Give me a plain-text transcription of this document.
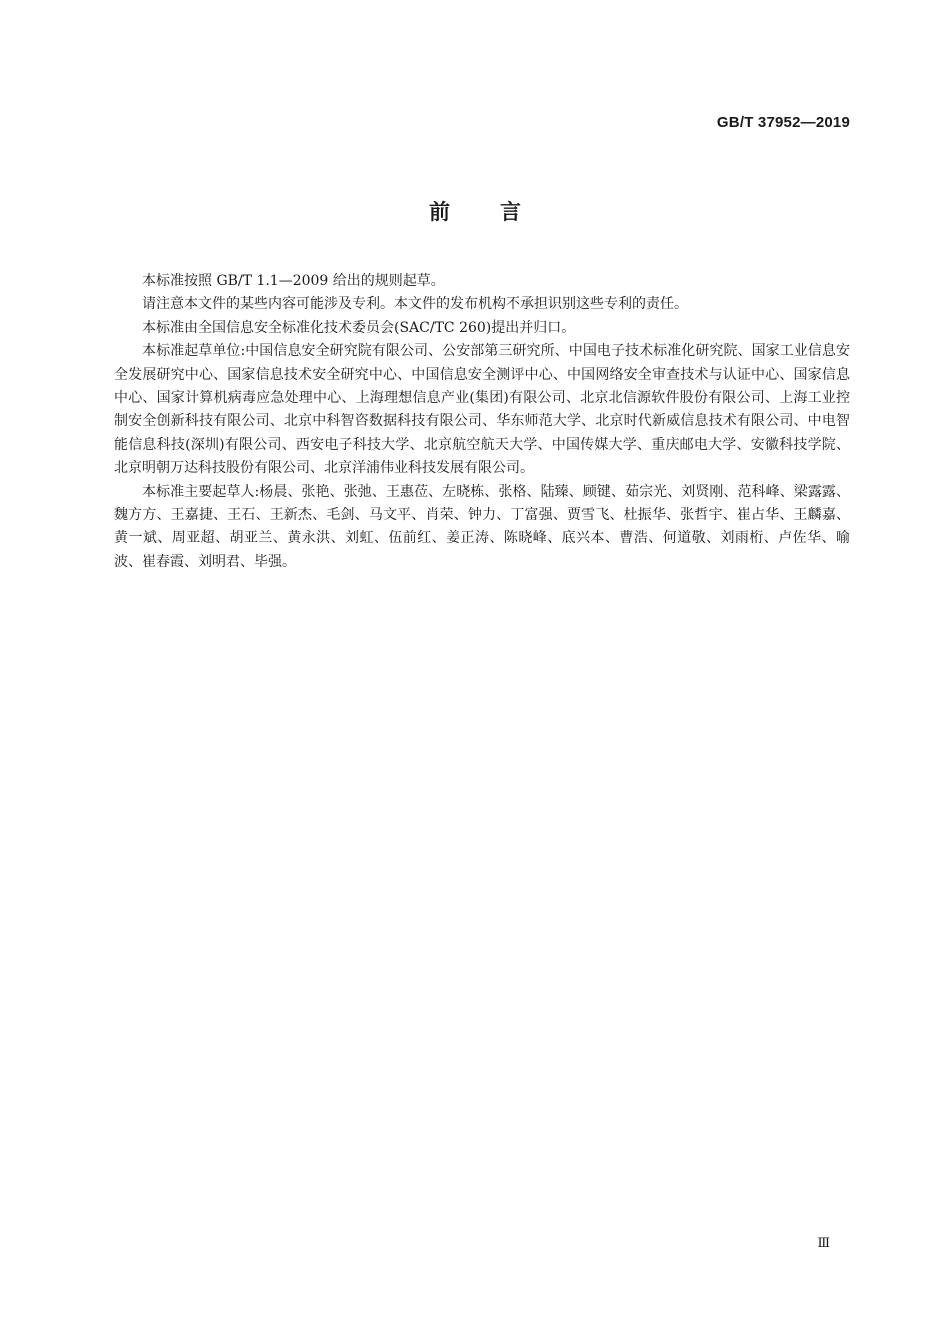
GB/T 37952—2019
前言

本标准按照 GB/T 1.1—2009 给出的规则起草。

请注意本文件的某些内容可能涉及专利。本文件的发布机构不承担识别这些专利的责任。

本标准由全国信息安全标准化技术委员会(SAC/TC 260)提出并归口。

本标准起草单位:中国信息安全研究院有限公司、公安部第三研究所、中国电子技术标准化研究院、国家工业信息安全发展研究中心、国家信息技术安全研究中心、中国信息安全测评中心、中国网络安全审查技术与认证中心、国家信息中心、国家计算机病毒应急处理中心、上海理想信息产业(集团)有限公司、北京北信源软件股份有限公司、上海工业控制安全创新科技有限公司、北京中科智咨数据科技有限公司、华东师范大学、北京时代新威信息技术有限公司、中电智能信息科技(深圳)有限公司、西安电子科技大学、北京航空航天大学、中国传媒大学、重庆邮电大学、安徽科技学院、北京明朝万达科技股份有限公司、北京洋浦伟业科技发展有限公司。

本标准主要起草人:杨晨、张艳、张弛、王惠莅、左晓栋、张格、陆臻、顾键、茹宗光、刘贤刚、范科峰、梁露露、魏方方、王嘉捷、王石、王新杰、毛剑、马文平、肖荣、钟力、丁富强、贾雪飞、杜振华、张哲宇、崔占华、王麟嘉、黄一斌、周亚超、胡亚兰、黄永洪、刘虹、伍前红、姜正涛、陈晓峰、底兴本、曹浩、何道敬、刘雨桁、卢佐华、喻波、崔春霞、刘明君、毕强。

Ⅲ
